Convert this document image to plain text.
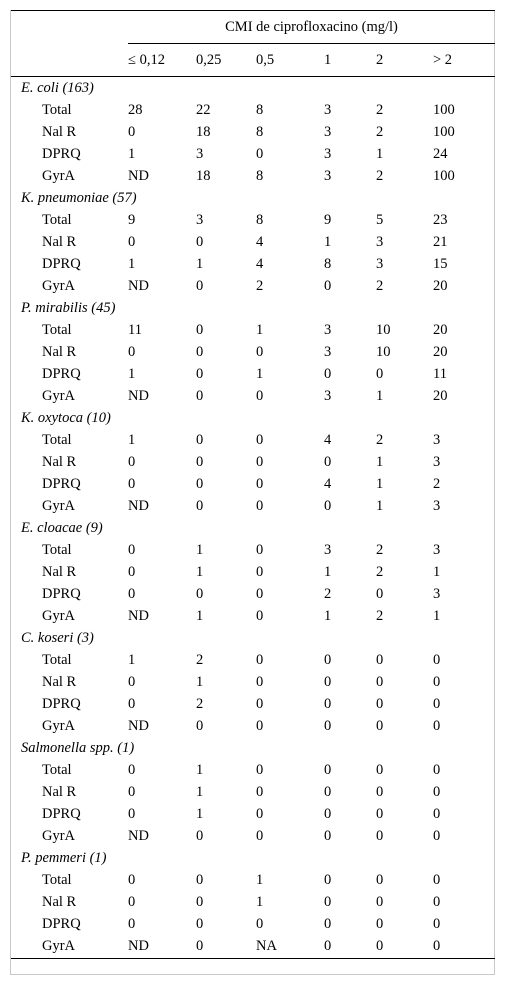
	CMI de ciprofloxacino (mg/l)					

	≤ 0,12	0,25	0,5	1	2	> 2
E. coli (163)						
Total	28	22	8	3	2	100
Nal R	0	18	8	3	2	100
DPRQ	1	3	0	3	1	24
GyrA	ND	18	8	3	2	100
K. pneumoniae (57)						
Total	9	3	8	9	5	23
Nal R	0	0	4	1	3	21
DPRQ	1	1	4	8	3	15
GyrA	ND	0	2	0	2	20
P. mirabilis (45)						
Total	11	0	1	3	10	20
Nal R	0	0	0	3	10	20
DPRQ	1	0	1	0	0	11
GyrA	ND	0	0	3	1	20
K. oxytoca (10)						
Total	1	0	0	4	2	3
Nal R	0	0	0	0	1	3
DPRQ	0	0	0	4	1	2
GyrA	ND	0	0	0	1	3
E. cloacae (9)						
Total	0	1	0	3	2	3
Nal R	0	1	0	1	2	1
DPRQ	0	0	0	2	0	3
GyrA	ND	1	0	1	2	1
C. koseri (3)						
Total	1	2	0	0	0	0
Nal R	0	1	0	0	0	0
DPRQ	0	2	0	0	0	0
GyrA	ND	0	0	0	0	0
Salmonella spp. (1)						
Total	0	1	0	0	0	0
Nal R	0	1	0	0	0	0
DPRQ	0	1	0	0	0	0
GyrA	ND	0	0	0	0	0
P. pemmeri (1)						
Total	0	0	1	0	0	0
Nal R	0	0	1	0	0	0
DPRQ	0	0	0	0	0	0
GyrA	ND	0	NA	0	0	0
